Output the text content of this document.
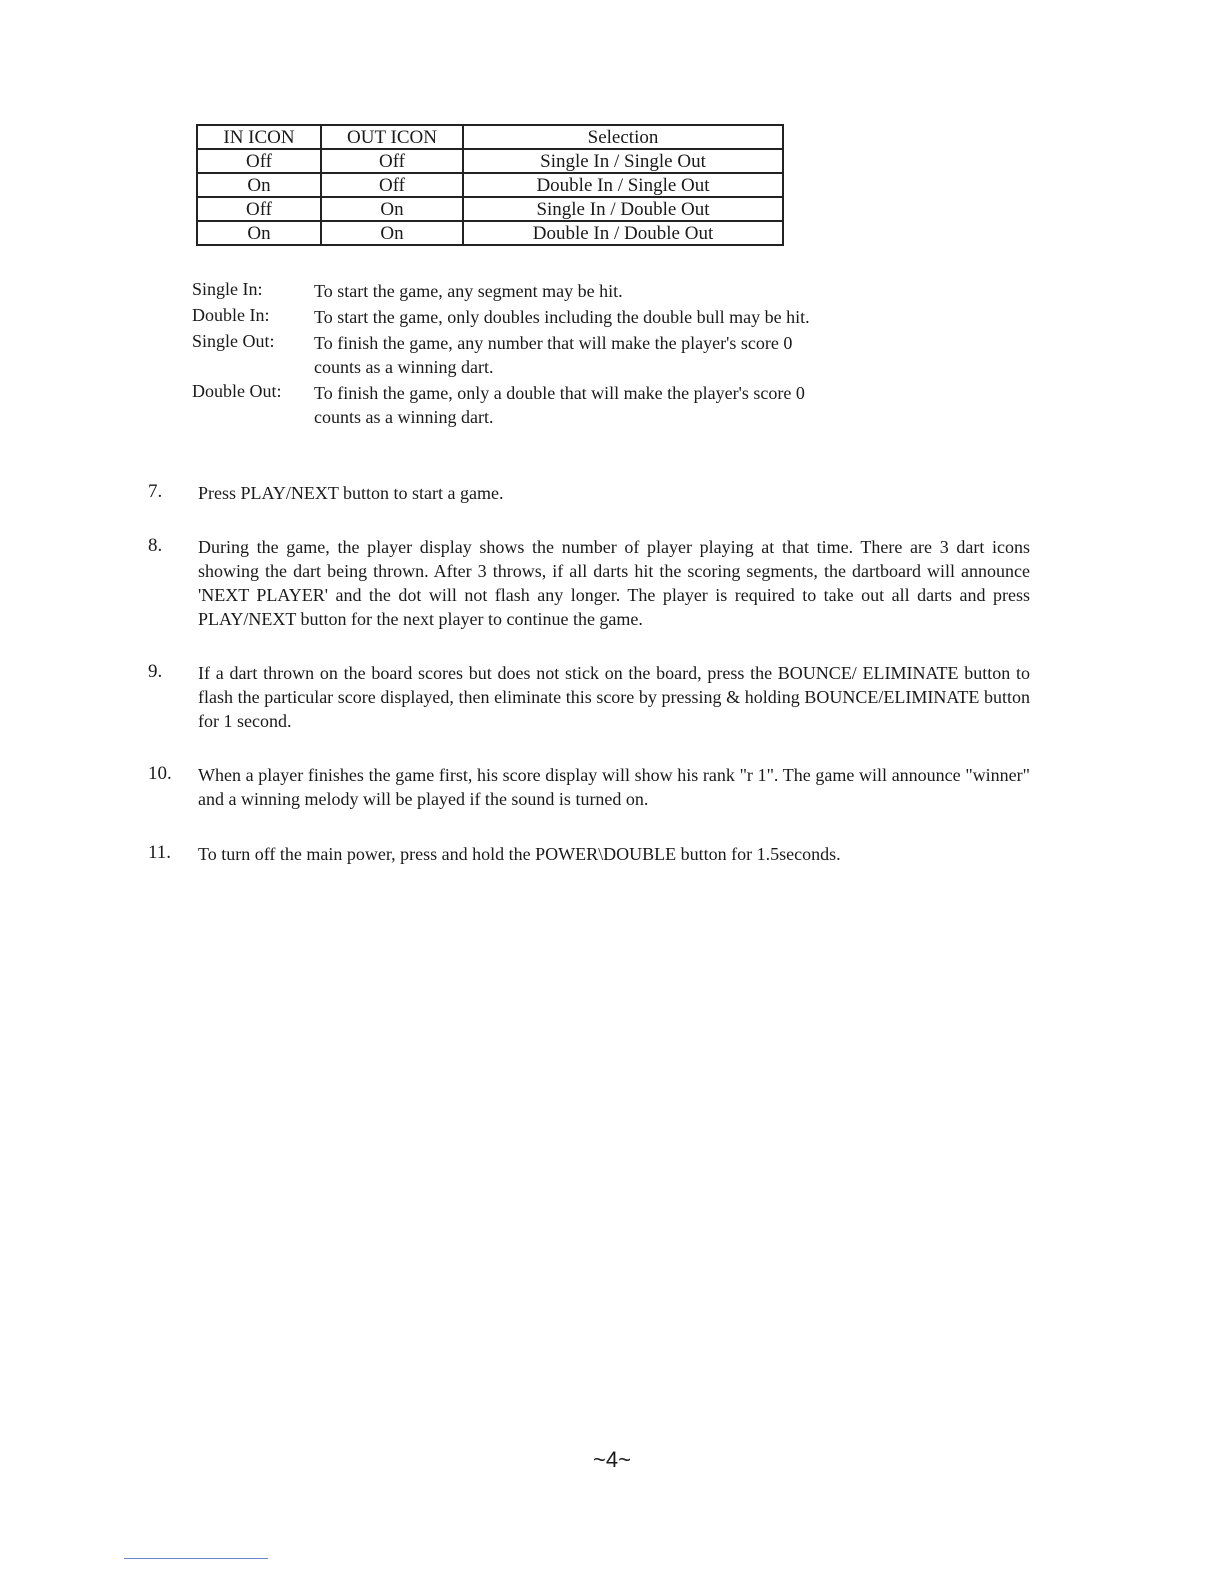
IN ICON	OUT ICON	Selection
Off	Off	Single In / Single Out
On	Off	Double In / Single Out
Off	On	Single In / Double Out
On	On	Double In / Double Out
Single In:	To start the game, any segment may be hit.
Double In: To start the game, only doubles including the double bull may be hit.
Single Out: To finish the game, any number that will make the player's score 0 counts as a winning dart.
Double Out: To finish the game, only a double that will make the player's score 0 counts as a winning dart.
7. Press PLAY/NEXT button to start a game.
8. During the game, the player display shows the number of player playing at that time. There are 3 dart icons showing the dart being thrown. After 3 throws, if all darts hit the scoring segments, the dartboard will announce 'NEXT PLAYER' and the dot will not flash any longer. The player is required to take out all darts and press PLAY/NEXT button for the next player to continue the game.
9. If a dart thrown on the board scores but does not stick on the board, press the BOUNCE/ ELIMINATE button to flash the particular score displayed, then eliminate this score by pressing & holding BOUNCE/ELIMINATE button for 1 second.
10. When a player finishes the game first, his score display will show his rank "r 1". The game will announce "winner" and a winning melody will be played if the sound is turned on.
11. To turn off the main power, press and hold the POWER\DOUBLE button for 1.5seconds.
~4~
